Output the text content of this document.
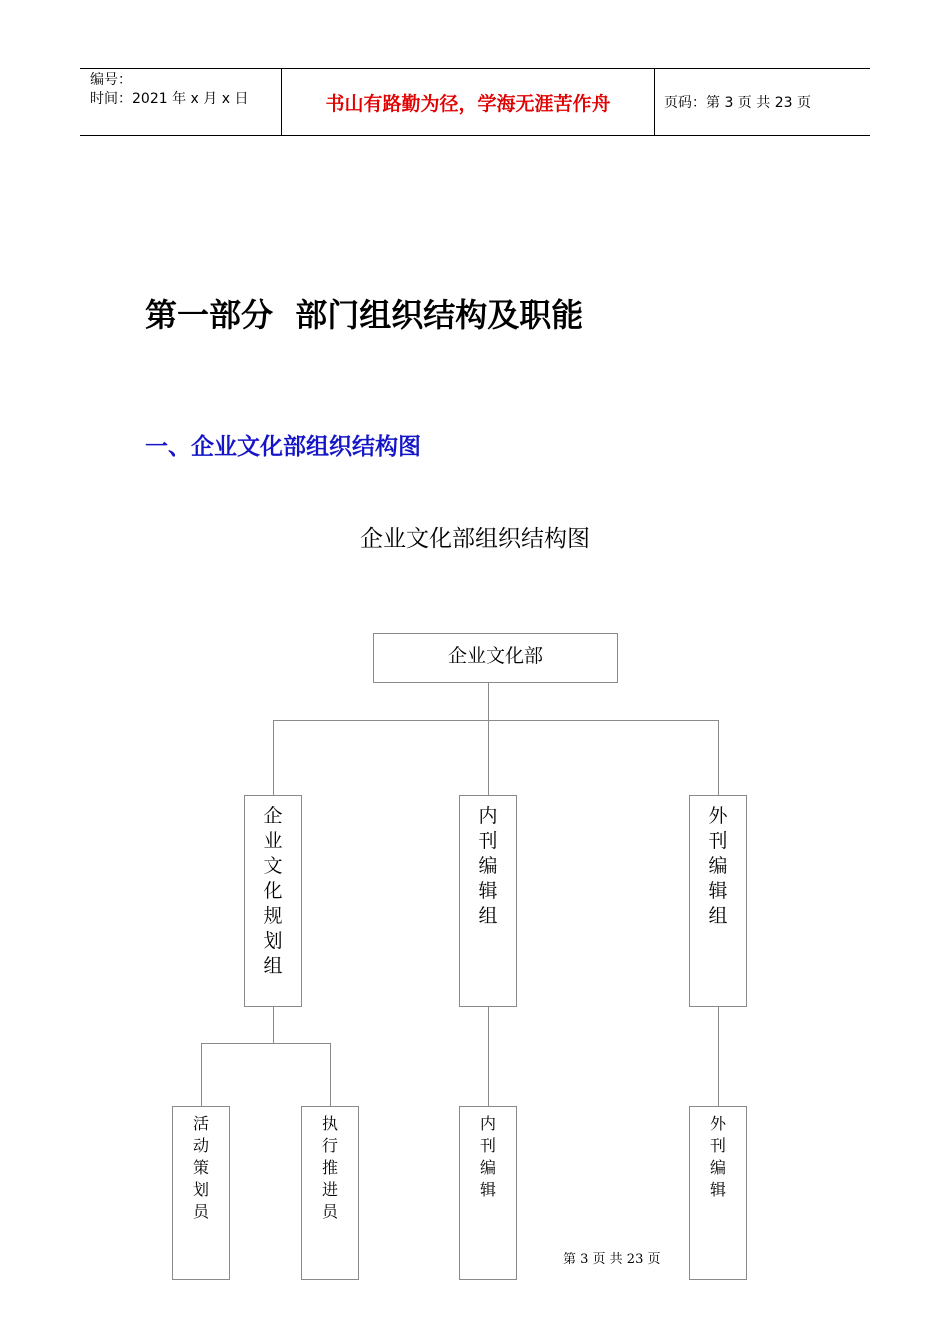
编号：
时间：2021 年 x 月 x 日	书山有路勤为径，学海无涯苦作舟	页码：第 3 页 共 23 页
第一部分  部门组织结构及职能
一、企业文化部组织结构图
企业文化部组织结构图
企业文化部
企业文化规划组
内刊编辑组
外刊编辑组
活动策划员
执行推进员
内刊编辑
外刊编辑
第 3 页 共 23 页
